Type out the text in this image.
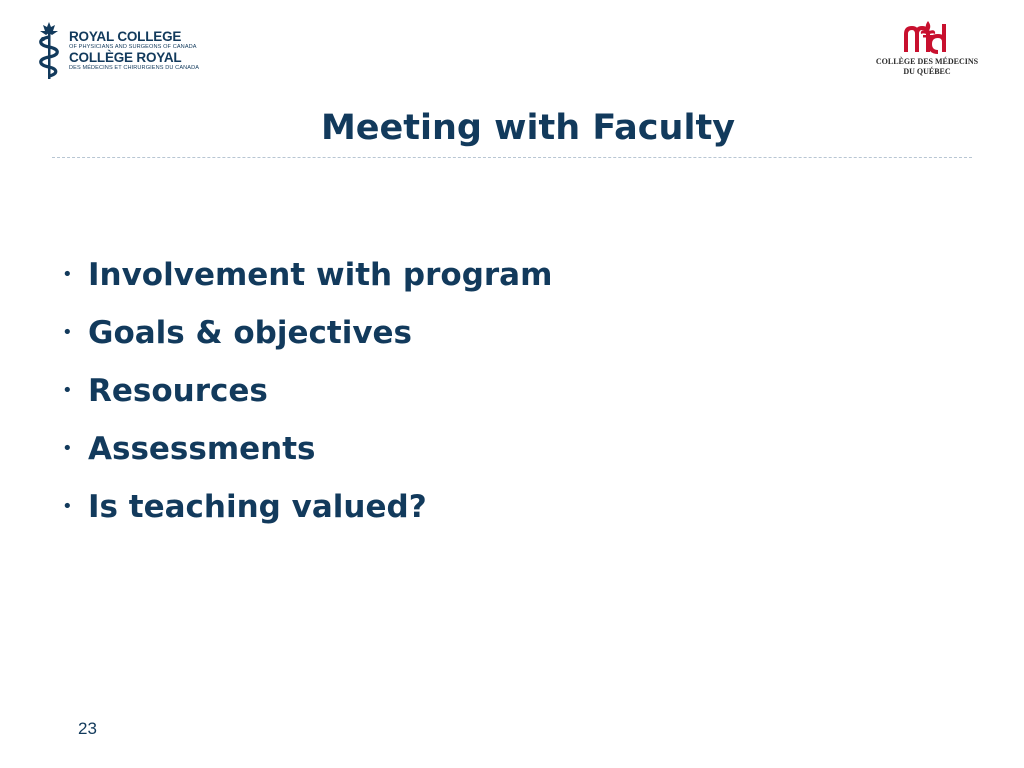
ROYAL COLLEGE
OF PHYSICIANS AND SURGEONS OF CANADA
COLLÈGE ROYAL
DES MÉDECINS ET CHIRURGIENS DU CANADA
COLLÈGE DES MÉDECINS
DU QUÉBEC
Meeting with Faculty
• Involvement with program
• Goals & objectives
• Resources
• Assessments
• Is teaching valued?
23
